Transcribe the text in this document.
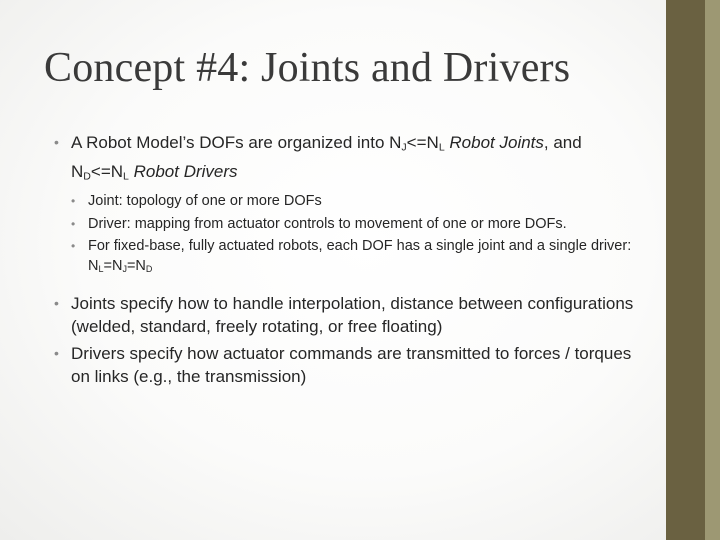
Concept #4: Joints and Drivers
• A Robot Model’s DOFs are organized into $N_J<=N_L$ Robot Joints, and $N_D<=N_L$ Robot Drivers
• Joint: topology of one or more DOFs
• Driver: mapping from actuator controls to movement of one or more DOFs.
• For fixed-base, fully actuated robots, each DOF has a single joint and a single driver: $N_L=N_J=N_D$
• Joints specify how to handle interpolation, distance between configurations (welded, standard, freely rotating, or free floating)
• Drivers specify how actuator commands are transmitted to forces / torques on links (e.g., the transmission)
